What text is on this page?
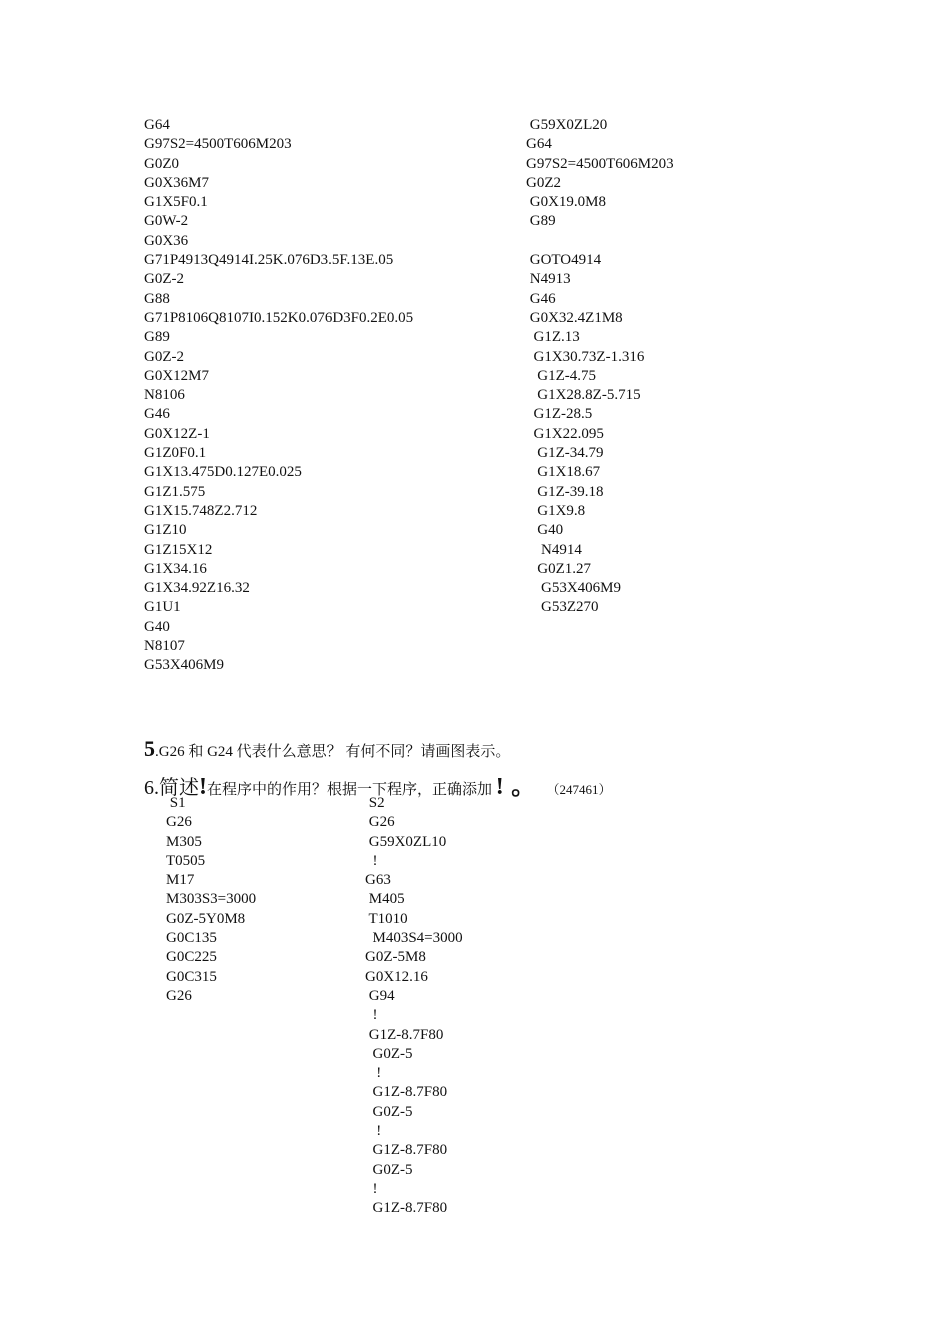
G64
G97S2=4500T606M203
G0Z0
G0X36M7
G1X5F0.1
G0W-2
G0X36
G71P4913Q4914I.25K.076D3.5F.13E.05
G0Z-2
G88
G71P8106Q8107I0.152K0.076D3F0.2E0.05
G89
G0Z-2
G0X12M7
N8106
G46
G0X12Z-1
G1Z0F0.1
G1X13.475D0.127E0.025
G1Z1.575
G1X15.748Z2.712
G1Z10
G1Z15X12
G1X34.16
G1X34.92Z16.32
G1U1
G40
N8107
G53X406M9
G59X0ZL20
G64
G97S2=4500T606M203
G0Z2
G0X19.0M8
G89
GOTO4914
N4913
G46
G0X32.4Z1M8
G1Z.13
G1X30.73Z-1.316
G1Z-4.75
G1X28.8Z-5.715
G1Z-28.5
G1X22.095
G1Z-34.79
G1X18.67
G1Z-39.18
G1X9.8
G40
N4914
G0Z1.27
G53X406M9
G53Z270
5.G26 和 G24 代表什么意思？ 有何不同？请画图表示。
6.简述!在程序中的作用？根据一下程序，正确添加 ! 。 （247461）
S1
G26
M305
T0505
M17
M303S3=3000
G0Z-5Y0M8
G0C135
G0C225
G0C315
G26
S2
G26
G59X0ZL10
!
G63
M405
T1010
M403S4=3000
G0Z-5M8
G0X12.16
G94
!
G1Z-8.7F80
G0Z-5
!
G1Z-8.7F80
G0Z-5
!
G1Z-8.7F80
G0Z-5
!
G1Z-8.7F80
